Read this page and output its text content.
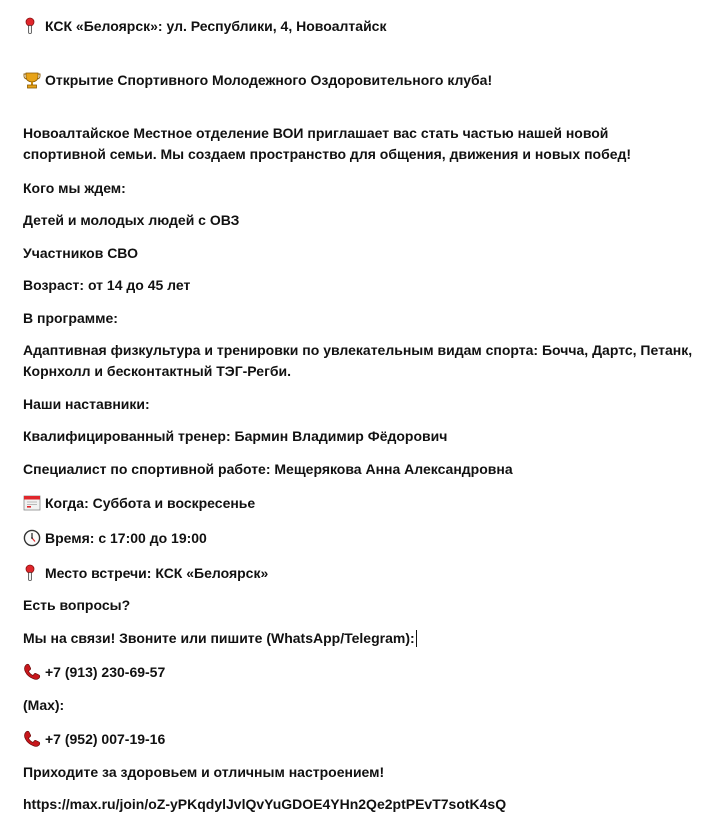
КСК «Белоярск»: ул. Республики, 4, Новоалтайск
Открытие Спортивного Молодежного Оздоровительного клуба!
Новоалтайское Местное отделение ВОИ приглашает вас стать частью нашей новой спортивной семьи. Мы создаем пространство для общения, движения и новых побед!
Кого мы ждем:
Детей и молодых людей с ОВЗ
Участников СВО
Возраст: от 14 до 45 лет
В программе:
Адаптивная физкультура и тренировки по увлекательным видам спорта: Бочча, Дартс, Петанк, Корнхолл и бесконтактный ТЭГ-Регби.
Наши наставники:
Квалифицированный тренер: Бармин Владимир Фёдорович
Специалист по спортивной работе: Мещерякова Анна Александровна
Когда: Суббота и воскресенье
Время: с 17:00 до 19:00
Место встречи: КСК «Белоярск»
Есть вопросы?
Мы на связи! Звоните или пишите (WhatsApp/Telegram):
+7 (913) 230-69-57
(Max):
+7 (952) 007-19-16
Приходите за здоровьем и отличным настроением!
https://max.ru/join/oZ-yPKqdylJvlQvYuGDOE4YHn2Qe2ptPEvT7sotK4sQ
